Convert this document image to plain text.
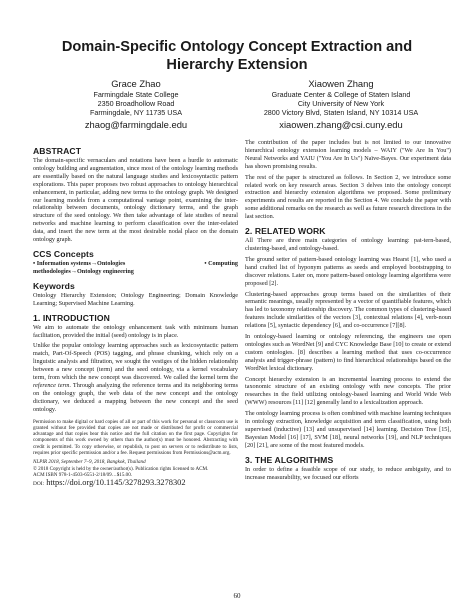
Domain-Specific Ontology Concept Extraction and Hierarchy Extension
Grace Zhao
Farmingdale State College
2350 Broadhollow Road
Farmingdale, NY 11735 USA
zhaog@farmingdale.edu
Xiaowen Zhang
Graduate Center & College of Staten Island
City University of New York
2800 Victory Blvd, Staten Island, NY 10314 USA
xiaowen.zhang@csi.cuny.edu
ABSTRACT

The domain-specific vernaculars and notations have been a hurdle to automatic ontology building and augmentation, since most of the ontology learning methods are essentially based on the natural language studies and lexicosyntactic pattern explorations. This paper proposes two robust approaches to ontology hierarchical enhancement, in particular, adding new terms to the ontology graph. We designed our learning models from a computational vantage point, examining the inter-relationship between documents, ontology dictionary terms, and the graph structure of the seed ontology. We then take advantage of late studies of neural networks and machine learning to perform classification over the inter-related data, and insert the new term at the most desirable nodal place on the domain ontology graph.

CCS Concepts
• Information systems→Ontologies	• Computing
methodologies→Ontology engineering
Keywords

Ontology Hierarchy Extension; Ontology Engineering; Domain Knowledge Learning; Supervised Machine Learning.

1. INTRODUCTION

We aim to automate the ontology enhancement task with minimum human facilitation, provided the initial (seed) ontology is in place.

Unlike the popular ontology learning approaches such as lexicosyntactic pattern match, Part-Of-Speech (POS) tagging, and phrase chunking, which rely on a linguistic analysis and filtration, we sought the vestiges of the hidden relationship between a new concept (term) and the seed ontology, via a kernel vocabulary term, from which the new concept was discovered. We called the kernel term the reference term. Through analyzing the reference terms and its neighboring terms on the ontology graph, the web data of the new concept and the ontology dictionary, we deduced a mapping between the new concept and the seed ontology.

Permission to make digital or hard copies of all or part of this work for personal or classroom use is granted without fee provided that copies are not made or distributed for profit or commercial advantage and that copies bear this notice and the full citation on the first page. Copyrights for components of this work owned by others than the author(s) must be honored. Abstracting with credit is permitted. To copy otherwise, or republish, to post on servers or to redistribute to lists, requires prior specific permission and/or a fee. Request permissions from Permissions@acm.org.

NLPIR 2018, September 7–9, 2018, Bangkok, Thailand

© 2018 Copyright is held by the owner/author(s). Publication rights licensed to ACM.

ACM ISBN 978-1-4503-6551-2/18/09…$15.00.

DOI: https://doi.org/10.1145/3278293.3278302

The contribution of the paper includes but is not limited to our innovative hierarchical ontology extension learning models – WAIY ("We Are In You") Neural Networks and YAIU ("You Are In Us") Naïve-Bayes. Our experiment data has shown promising results.

The rest of the paper is structured as follows. In Section 2, we introduce some related work on key research areas. Section 3 delves into the ontology concept extraction and hierarchy extension algorithms we proposed. Some preliminary experiments and results are reported in the Section 4. We conclude the paper with some additional remarks on the research as well as future research directions in the last section.

2. RELATED WORK

All There are three main categories of ontology learning: pat-tern-based, clustering-based, and ontology-based.

The ground setter of pattern-based ontology learning was Hearst [1], who used a hand crafted list of hyponym patterns as seeds and employed bootstrapping to discover relations. Later on, more pattern-based ontology learning algorithms were proposed [2].

Clustering-based approaches group terms based on the similarities of their semantic meanings, usually represented by a vector of quantifiable features, which has led to taxonomy relationship discovery. The common types of clustering-based features include similarities of the vectors [3], contextual relations [4], verb-noun relations [5], syntactic dependency [6], and co-occurrence [7][8].

In ontology-based learning or ontology referencing, the engineers use open ontologies such as WordNet [9] and CYC Knowledge Base [10] to create or extend custom ontologies. [8] describes a learning method that uses co-occurrence analysis and trigger-phrase (pattern) to find hierarchical relationships based on the WordNet lexical dictionary.

Concept hierarchy extension is an incremental learning process to extend the taxonomic structure of an existing ontology with new concepts. The prior researches in the field utilizing ontology-based learning and World Wide Web (WWW) resources [11] [12] generally land to a lexicalization approach.

The ontology learning process is often combined with machine learning techniques in ontology extraction, knowledge acquisition and term classification, using both supervised (inductive) [13] and unsupervised [14] learning. Decision Tree [15], Bayesian Model [16] [17], SVM [18], neural networks [19], and NLP techniques [20] [21], are some of the most featured models.

3. THE ALGORITHMS

In order to define a feasible scope of our study, to reduce ambiguity, and to increase measurability, we focused our efforts

60
